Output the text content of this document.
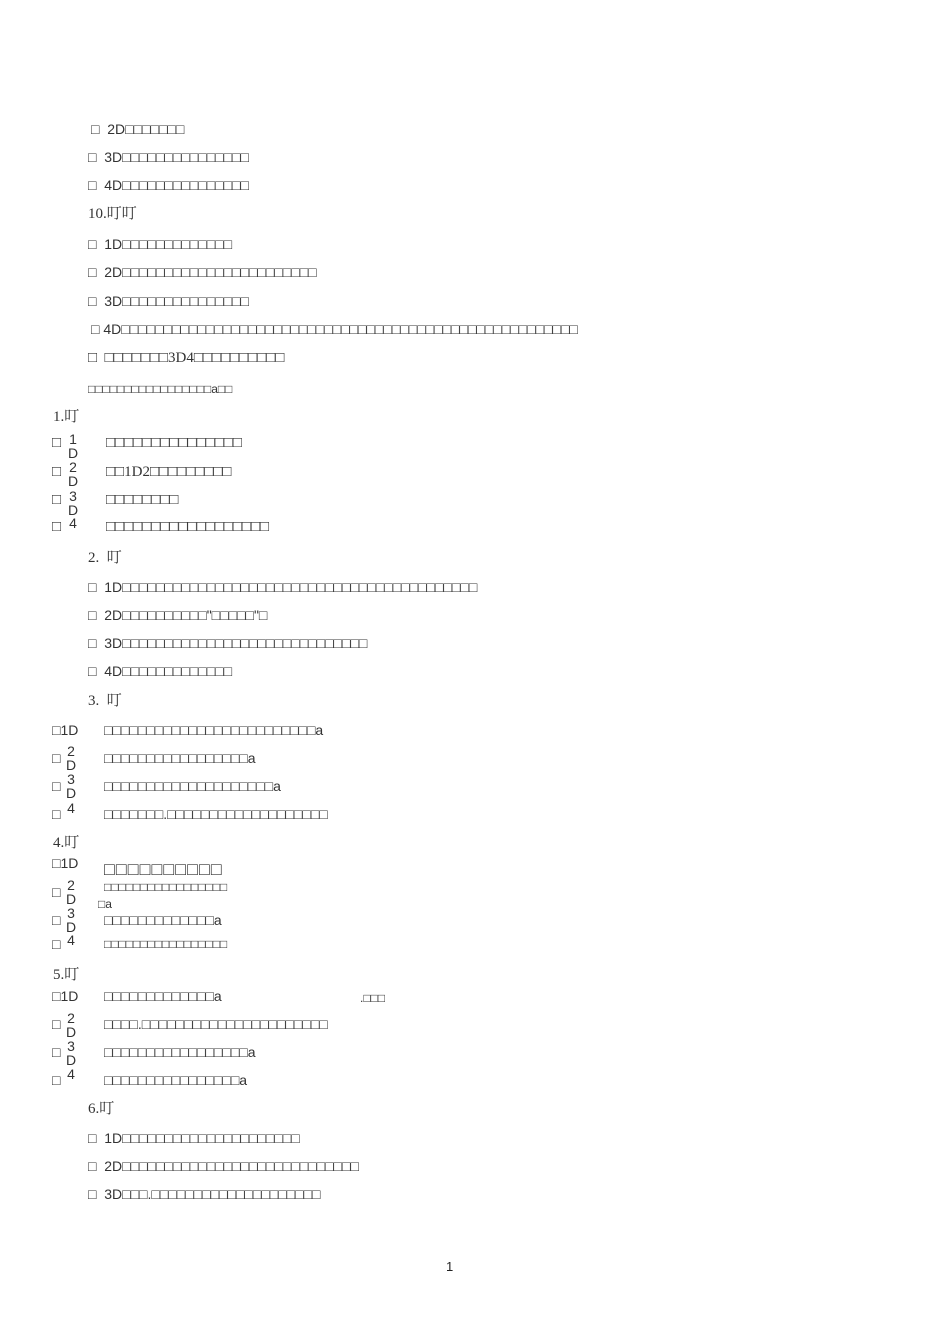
□  2D□□□□□□□
□  3D□□□□□□□□□□□□□□□
□  4D□□□□□□□□□□□□□□□
10.叮叮
□  1D□□□□□□□□□□□□□
□  2D□□□□□□□□□□□□□□□□□□□□□□□
□  3D□□□□□□□□□□□□□□□
□ 4D□□□□□□□□□□□□□□□□□□□□□□□□□□□□□□□□□□□□□□□□□□□□□□□□□□□□□□
□  □□□□□□□3D4□□□□□□□□□□
□□□□□□□□□□□□□□□□□a□□
1.叮
□ 1
D
□□□□□□□□□□□□□□□
□ 2
D
□□1D2□□□□□□□□□
□ 3
D
□□□□□□□□
□ 4 □□□□□□□□□□□□□□□□□□
2.  叮
□  1D□□□□□□□□□□□□□□□□□□□□□□□□□□□□□□□□□□□□□□□□□□
□  2D□□□□□□□□□□"□□□□□"□
□  3D□□□□□□□□□□□□□□□□□□□□□□□□□□□□□
□  4D□□□□□□□□□□□□□
3.  叮
□1D □□□□□□□□□□□□□□□□□□□□□□□□□a
□ 2
D □□□□□□□□□□□□□□□□□a
□ 3
D □□□□□□□□□□□□□□□□□□□□a
□ 4 □□□□□□□.□□□□□□□□□□□□□□□□□□□
4.叮
□1D □□□□□□□□□□
□ 2
D
□□□□□□□□□□□□□□□□□
□a
□ 3
D □□□□□□□□□□□□□a
□ 4 □□□□□□□□□□□□□□□□□
5.叮
□1D □□□□□□□□□□□□□a	.□□□
□ 2
D □□□□.□□□□□□□□□□□□□□□□□□□□□□
□ 3
D □□□□□□□□□□□□□□□□□a
□ 4 □□□□□□□□□□□□□□□□a
6.叮
□  1D□□□□□□□□□□□□□□□□□□□□□
□  2D□□□□□□□□□□□□□□□□□□□□□□□□□□□□
□  3D□□□.□□□□□□□□□□□□□□□□□□□□
1
